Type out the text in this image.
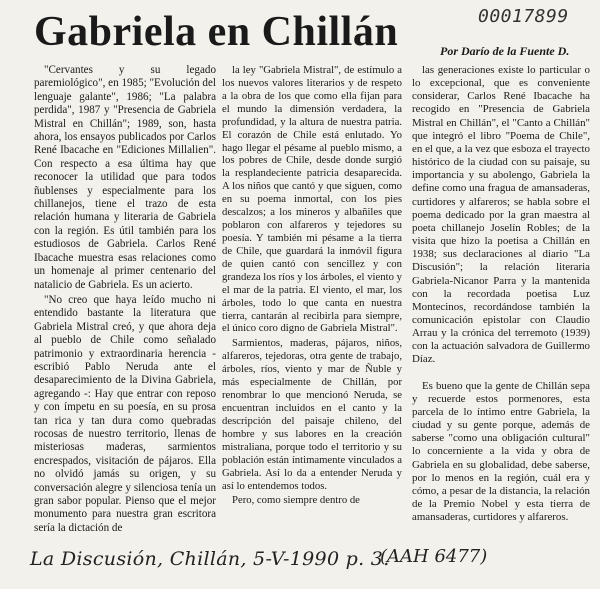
Gabriela en Chillán	00017899
Por Darío de la Fuente D.

"Cervantes y su legado paremiológico", en 1985; "Evolución del lenguaje galante", 1986; "La palabra perdida", 1987 y "Presencia de Gabriela Mistral en Chillán"; 1989, son, hasta ahora, los ensayos publicados por Carlos René Ibacache en "Ediciones Millalien". Con respecto a esa última hay que reconocer la utilidad que para todos ñublenses y especialmente para los chillanejos, tiene el trazo de esta relación humana y literaria de Gabriela con la región. Es útil también para los estudiosos de Gabriela. Carlos René Ibacache muestra esas relaciones como un homenaje al primer centenario del natalicio de Gabriela. Es un acierto.

"No creo que haya leído mucho ni entendido bastante la literatura que Gabriela Mistral creó, y que ahora deja al pueblo de Chile como señalado patrimonio y extraordinaria herencia - escribió Pablo Neruda ante el desaparecimiento de la Divina Gabriela, agregando -: Hay que entrar con reposo y con ímpetu en su poesía, en su prosa tan rica y tan dura como quebradas rocosas de nuestro territorio, llenas de misteriosas maderas, sarmientos encrespados, visitación de pájaros. Ella no olvidó jamás su origen, y su conversación alegre y silenciosa tenía un gran sabor popular. Pienso que el mejor monumento para nuestra gran escritora sería la dictación de

la ley "Gabriela Mistral", de estímulo a los nuevos valores literarios y de respeto a la obra de los que como ella fijan para el mundo la dimensión verdadera, la profundidad, y la altura de nuestra patria. El corazón de Chile está enlutado. Yo hago llegar el pésame al pueblo mismo, a los pobres de Chile, desde donde surgió la resplandeciente patricia desaparecida. A los niños que cantó y que siguen, como en su poema inmortal, con los pies descalzos; a los mineros y albañiles que poblaron con alfareros y tejedores su poesía. Y también mi pésame a la tierra de Chile, que guardará la inmóvil figura de quien cantó con sencillez y con grandeza los ríos y los árboles, el viento y el mar de la patria. El viento, el mar, los árboles, todo lo que canta en nuestra tierra, cantarán al recibirla para siempre, el único coro digno de Gabriela Mistral".

Sarmientos, maderas, pájaros, niños, alfareros, tejedoras, otra gente de trabajo, árboles, ríos, viento y mar de Ñuble y más especialmente de Chillán, por renombrar lo que mencionó Neruda, se encuentran incluidos en el canto y la descripción del paisaje chileno, del hombre y sus labores en la creación mistraliana, porque todo el territorio y su población están íntimamente vinculados a Gabriela. Así lo da a entender Neruda y así lo entendemos todos.

Pero, como siempre dentro de

las generaciones existe lo particular o lo excepcional, que es conveniente considerar, Carlos René Ibacache ha recogido en "Presencia de Gabriela Mistral en Chillán", el "Canto a Chillán" que integró el libro "Poema de Chile", en el que, a la vez que esboza el trayecto histórico de la ciudad con su paisaje, su importancia y su abolengo, Gabriela la define como una fragua de amansaderas, curtidores y alfareros; se habla sobre el poema dedicado por la gran maestra al poeta chillanejo Joselín Robles; de la visita que hizo la poetisa a Chillán en 1938; sus declaraciones al diario "La Discusión"; la relación literaria Gabriela-Nicanor Parra y la mantenida con la recordada poetisa Luz Montecinos, recordándose también la comunicación epistolar con Claudio Arrau y la crónica del terremoto (1939) con la actuación salvadora de Guillermo Díaz.

Es bueno que la gente de Chillán sepa y recuerde estos pormenores, esta parcela de lo íntimo entre Gabriela, la ciudad y su gente porque, además de saberse "como una obligación cultural" lo concerniente a la vida y obra de Gabriela en su globalidad, debe saberse, por lo menos en la región, cuál era y cómo, a pesar de la distancia, la relación de la Premio Nobel y esta tierra de amansaderas, curtidores y alfareros.

La Discusión, Chillán, 5-V-1990 p. 3.
(AAH 6477)
